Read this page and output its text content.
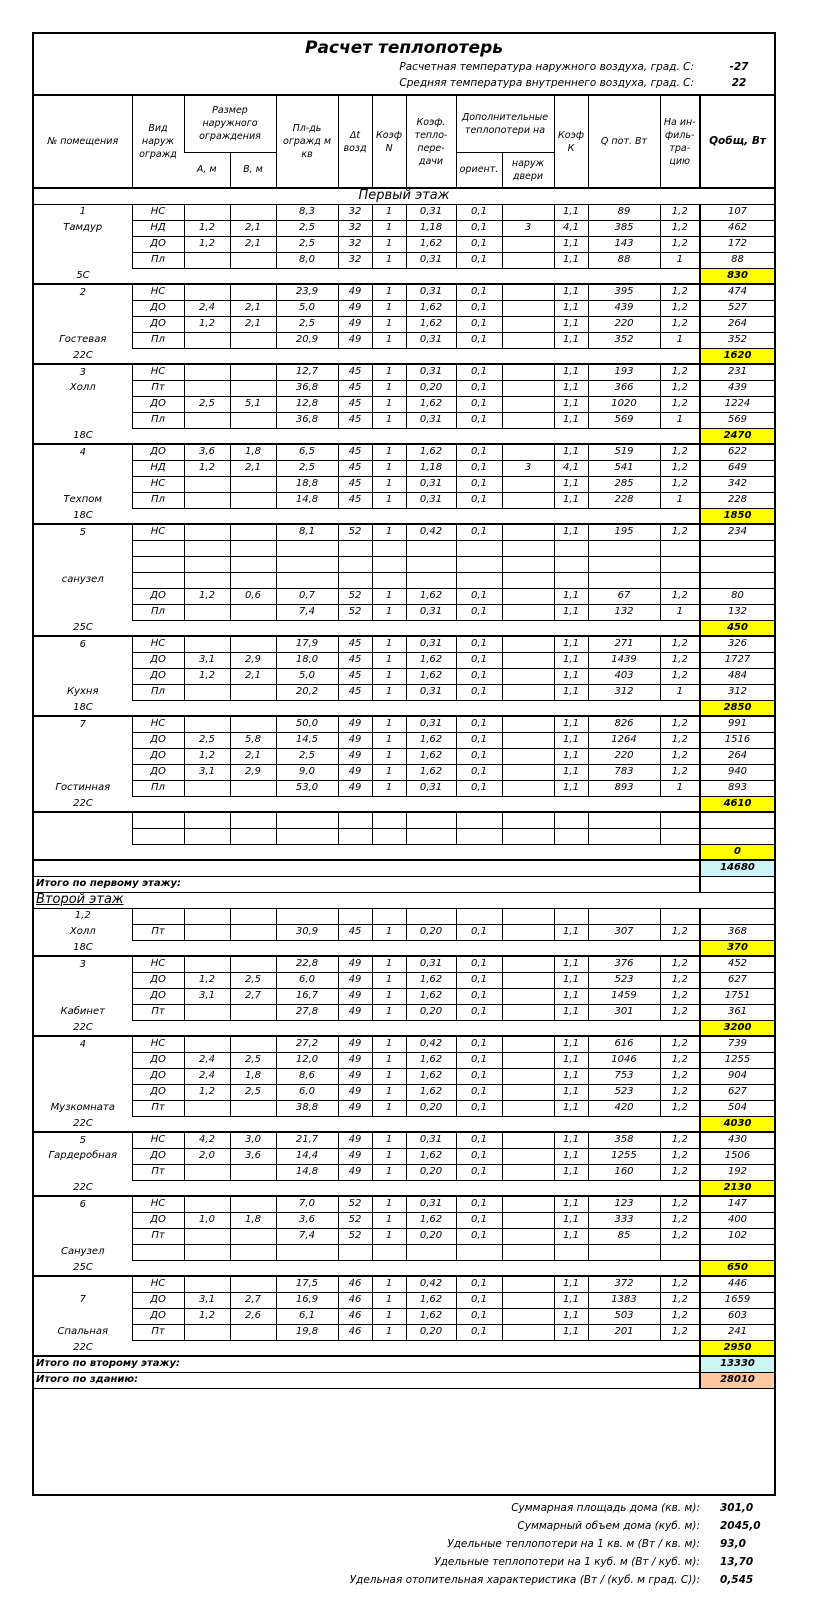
Расчет теплопотерь
Расчетная температура наружного воздуха, град. С:	-27
Средняя температура внутреннего воздуха, град. С:	22
№ помещения	Вид наруж огражд	Размер наружного ограждения		Пл-дь огражд м кв	Δt возд	Коэф N	Коэф. тепло-пере-дачи	Дополнительные теплопотери на		Коэф К	Q пот. Вт	На ин-филь-тра-цию	Qобщ, Вт
		А, м	В, м					ориент.	наруж двери				
Первый этаж													

1	НС			8,3	32	1	0,31	0,1		1,1	89	1,2	107

Тамдур	НД	1,2	2,1	2,5	32	1	1,18	0,1	3	4,1	385	1,2	462
	ДО	1,2	2,1	2,5	32	1	1,62	0,1		1,1	143	1,2	172

	Пл			8,0	32	1	0,31	0,1		1,1	88	1	88

5С													830

2	НС			23,9	49	1	0,31	0,1		1,1	395	1,2	474

	ДО	2,4	2,1	5,0	49	1	1,62	0,1		1,1	439	1,2	527
	ДО	1,2	2,1	2,5	49	1	1,62	0,1		1,1	220	1,2	264

Гостевая	Пл			20,9	49	1	0,31	0,1		1,1	352	1	352

22С													1620

3	НС			12,7	45	1	0,31	0,1		1,1	193	1,2	231

Холл	Пт			36,8	45	1	0,20	0,1		1,1	366	1,2	439
	ДО	2,5	5,1	12,8	45	1	1,62	0,1		1,1	1020	1,2	1224

	Пл			36,8	45	1	0,31	0,1		1,1	569	1	569

18С													2470

4	ДО	3,6	1,8	6,5	45	1	1,62	0,1		1,1	519	1,2	622

	НД	1,2	2,1	2,5	45	1	1,18	0,1	3	4,1	541	1,2	649
	НС			18,8	45	1	0,31	0,1		1,1	285	1,2	342

Техпом	Пл			14,8	45	1	0,31	0,1		1,1	228	1	228

18С													1850

5	НС			8,1	52	1	0,42	0,1		1,1	195	1,2	234

санузел													

	ДО	1,2	0,6	0,7	52	1	1,62	0,1		1,1	67	1,2	80

	Пл			7,4	52	1	0,31	0,1		1,1	132	1	132

25С													450

6	НС			17,9	45	1	0,31	0,1		1,1	271	1,2	326

	ДО	3,1	2,9	18,0	45	1	1,62	0,1		1,1	1439	1,2	1727
	ДО	1,2	2,1	5,0	45	1	1,62	0,1		1,1	403	1,2	484

Кухня	Пл			20,2	45	1	0,31	0,1		1,1	312	1	312

18С													2850

7	НС			50,0	49	1	0,31	0,1		1,1	826	1,2	991

	ДО	2,5	5,8	14,5	49	1	1,62	0,1		1,1	1264	1,2	1516

	ДО	1,2	2,1	2,5	49	1	1,62	0,1		1,1	220	1,2	264
	ДО	3,1	2,9	9,0	49	1	1,62	0,1		1,1	783	1,2	940

Гостинная	Пл			53,0	49	1	0,31	0,1		1,1	893	1	893

22С													4610

													0
													14680
Итого по первому этажу:													
Второй этаж													

1,2													

Холл	Пт			30,9	45	1	0,20	0,1		1,1	307	1,2	368

18С													370

3	НС			22,8	49	1	0,31	0,1		1,1	376	1,2	452

	ДО	1,2	2,5	6,0	49	1	1,62	0,1		1,1	523	1,2	627
	ДО	3,1	2,7	16,7	49	1	1,62	0,1		1,1	1459	1,2	1751

Кабинет	Пт			27,8	49	1	0,20	0,1		1,1	301	1,2	361

22С													3200

4	НС			27,2	49	1	0,42	0,1		1,1	616	1,2	739

	ДО	2,4	2,5	12,0	49	1	1,62	0,1		1,1	1046	1,2	1255

	ДО	2,4	1,8	8,6	49	1	1,62	0,1		1,1	753	1,2	904
	ДО	1,2	2,5	6,0	49	1	1,62	0,1		1,1	523	1,2	627

Музкомната	Пт			38,8	49	1	0,20	0,1		1,1	420	1,2	504

22С													4030

5	НС	4,2	3,0	21,7	49	1	0,31	0,1		1,1	358	1,2	430

Гардеробная	ДО	2,0	3,6	14,4	49	1	1,62	0,1		1,1	1255	1,2	1506
	Пт			14,8	49	1	0,20	0,1		1,1	160	1,2	192

22С													2130

6	НС			7,0	52	1	0,31	0,1		1,1	123	1,2	147

	ДО	1,0	1,8	3,6	52	1	1,62	0,1		1,1	333	1,2	400
	Пт			7,4	52	1	0,20	0,1		1,1	85	1,2	102

Санузел													

25С													650

	НС			17,5	46	1	0,42	0,1		1,1	372	1,2	446

7	ДО	3,1	2,7	16,9	46	1	1,62	0,1		1,1	1383	1,2	1659

	ДО	1,2	2,6	6,1	46	1	1,62	0,1		1,1	503	1,2	603

Спальная	Пт			19,8	46	1	0,20	0,1		1,1	201	1,2	241

22С													2950
Итого по второму этажу:													13330
Итого по зданию:													28010
Суммарная площадь дома (кв. м): 301,0
Суммарный объем дома (куб. м): 2045,0
Удельные теплопотери на 1 кв. м (Вт / кв. м): 93,0
Удельные теплопотери на 1 куб. м (Вт / куб. м): 13,70
Удельная отопительная характеристика (Вт / (куб. м град. С)): 0,545
